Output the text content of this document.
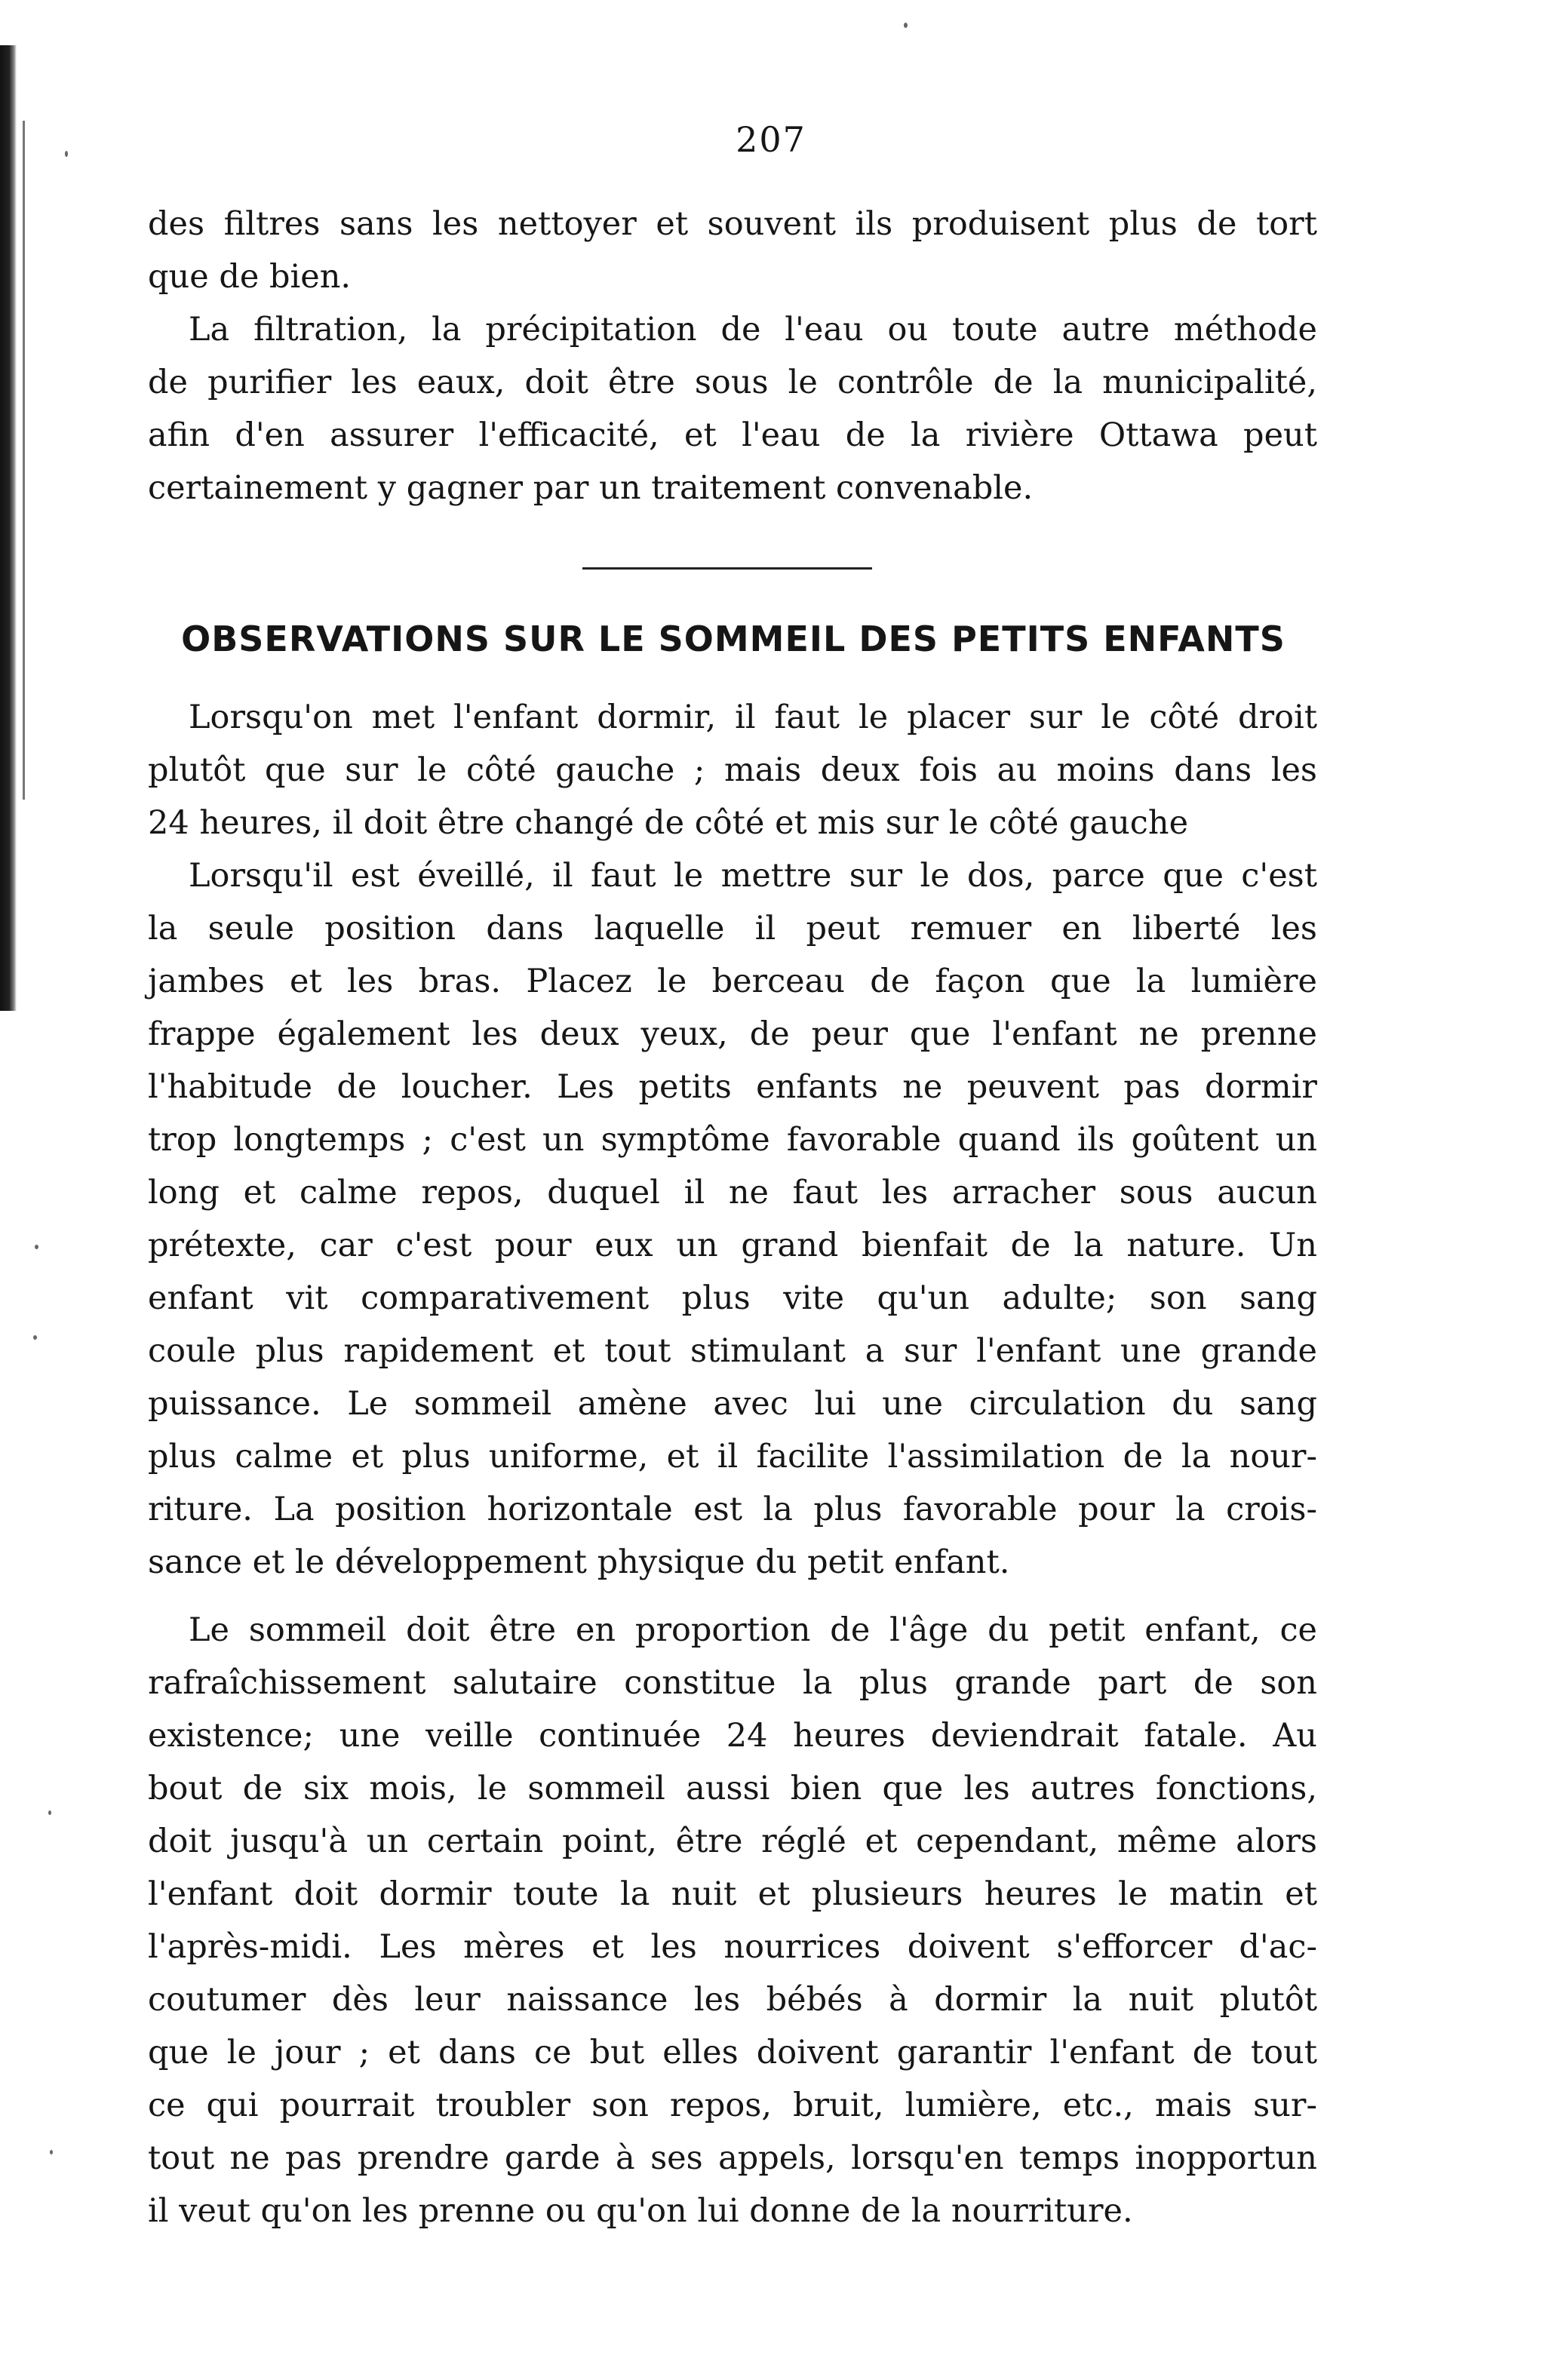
207
des filtres sans les nettoyer et souvent ils produisent plus de tort
que de bien.
La filtration, la précipitation de l'eau ou toute autre méthode
de purifier les eaux, doit être sous le contrôle de la municipalité,
afin d'en assurer l'efficacité, et l'eau de la rivière Ottawa peut
certainement y gagner par un traitement convenable.
OBSERVATIONS SUR LE SOMMEIL DES PETITS ENFANTS
Lorsqu'on met l'enfant dormir, il faut le placer sur le côté droit
plutôt que sur le côté gauche ; mais deux fois au moins dans les
24 heures, il doit être changé de côté et mis sur le côté gauche
Lorsqu'il est éveillé, il faut le mettre sur le dos, parce que c'est
la seule position dans laquelle il peut remuer en liberté les
jambes et les bras. Placez le berceau de façon que la lumière
frappe également les deux yeux, de peur que l'enfant ne prenne
l'habitude de loucher. Les petits enfants ne peuvent pas dormir
trop longtemps ; c'est un symptôme favorable quand ils goûtent un
long et calme repos, duquel il ne faut les arracher sous aucun
prétexte, car c'est pour eux un grand bienfait de la nature. Un
enfant vit comparativement plus vite qu'un adulte; son sang
coule plus rapidement et tout stimulant a sur l'enfant une grande
puissance. Le sommeil amène avec lui une circulation du sang
plus calme et plus uniforme, et il facilite l'assimilation de la nour-
riture. La position horizontale est la plus favorable pour la crois-
sance et le développement physique du petit enfant.
Le sommeil doit être en proportion de l'âge du petit enfant, ce
rafraîchissement salutaire constitue la plus grande part de son
existence; une veille continuée 24 heures deviendrait fatale. Au
bout de six mois, le sommeil aussi bien que les autres fonctions,
doit jusqu'à un certain point, être réglé et cependant, même alors
l'enfant doit dormir toute la nuit et plusieurs heures le matin et
l'après-midi. Les mères et les nourrices doivent s'efforcer d'ac-
coutumer dès leur naissance les bébés à dormir la nuit plutôt
que le jour ; et dans ce but elles doivent garantir l'enfant de tout
ce qui pourrait troubler son repos, bruit, lumière, etc., mais sur-
tout ne pas prendre garde à ses appels, lorsqu'en temps inopportun
il veut qu'on les prenne ou qu'on lui donne de la nourriture.
